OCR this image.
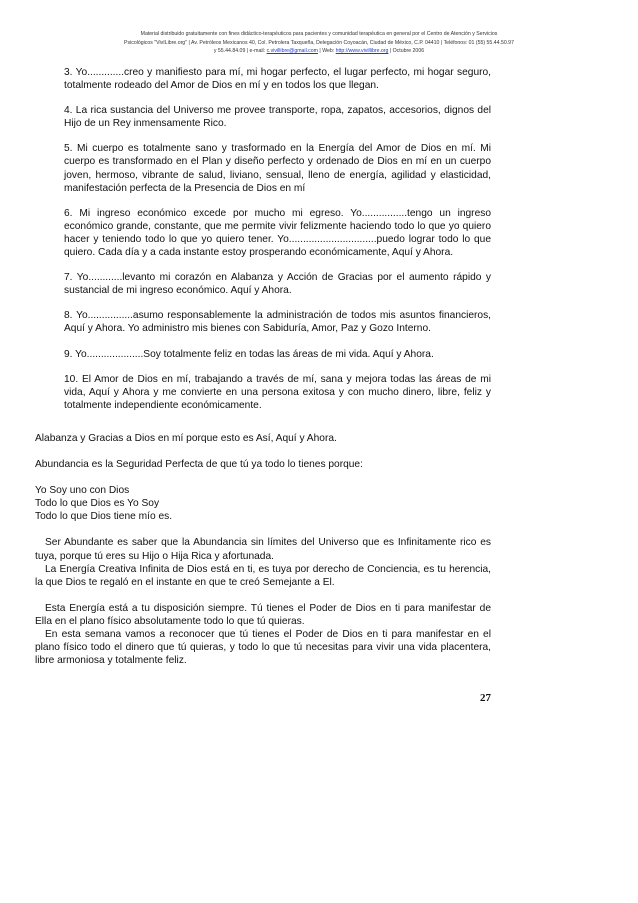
Material distribuido gratuitamente con fines didáctico-terapéuticos para pacientes y comunidad terapéutica en general por el Centro de Atención y Servicios
Psicológicos "VivILibre.org" | Av. Petróleos Mexicanos 40, Col. Petrolera Taxqueña, Delegación Coyoacán, Ciudad de México, C.P. 04410 | Teléfonos: 01 (55) 55.44.50.97
y 55.44.84.09 | e-mail: c.vivillibre@gmail.com | Web: http://www.vivillibre.org | Octubre 2006

3. Yo.............creo y manifiesto para mí, mi hogar perfecto, el lugar perfecto, mi hogar seguro, totalmente rodeado del Amor de Dios en mí y en todos los que llegan.

4. La rica sustancia del Universo me provee transporte, ropa, zapatos, accesorios, dignos del Hijo de un Rey inmensamente Rico.

5. Mi cuerpo es totalmente sano y trasformado en la Energía del Amor de Dios en mí. Mi cuerpo es transformado en el Plan y diseño perfecto y ordenado de Dios en mí en un cuerpo joven, hermoso, vibrante de salud, liviano, sensual, lleno de energía, agilidad y elasticidad, manifestación perfecta de la Presencia de Dios en mí

6. Mi ingreso económico excede por mucho mi egreso. Yo................tengo un ingreso económico grande, constante, que me permite vivir felizmente haciendo todo lo que yo quiero hacer y teniendo todo lo que yo quiero tener. Yo...............................puedo lograr todo lo que quiero. Cada día y a cada instante estoy prosperando económicamente, Aquí y Ahora.

7. Yo............levanto mi corazón en Alabanza y Acción de Gracias por el aumento rápido y sustancial de mi ingreso económico. Aquí y Ahora.

8. Yo................asumo responsablemente la administración de todos mis asuntos financieros, Aquí y Ahora. Yo administro mis bienes con Sabiduría, Amor, Paz y Gozo Interno.

9. Yo....................Soy totalmente feliz en todas las áreas de mi vida. Aquí y Ahora.

10. El Amor de Dios en mí, trabajando a través de mí, sana y mejora todas las áreas de mi vida, Aquí y Ahora y me convierte en una persona exitosa y con mucho dinero, libre, feliz y totalmente independiente económicamente.

Alabanza y Gracias a Dios en mí porque esto es Así, Aquí y Ahora.

Abundancia es la Seguridad Perfecta de que tú ya todo lo tienes porque:

Yo Soy uno con Dios

Todo lo que Dios es Yo Soy

Todo lo que Dios tiene mío es.

Ser Abundante es saber que la Abundancia sin límites del Universo que es Infinitamente rico es tuya, porque tú eres su Hijo o Hija Rica y afortunada.

La Energía Creativa Infinita de Dios está en ti, es tuya por derecho de Conciencia, es tu herencia, la que Dios te regaló en el instante en que te creó Semejante a El.

Esta Energía está a tu disposición siempre. Tú tienes el Poder de Dios en ti para manifestar de Ella en el plano físico absolutamente todo lo que tú quieras.

En esta semana vamos a reconocer que tú tienes el Poder de Dios en ti para manifestar en el plano físico todo el dinero que tú quieras, y todo lo que tú necesitas para vivir una vida placentera, libre armoniosa y totalmente feliz.

27
